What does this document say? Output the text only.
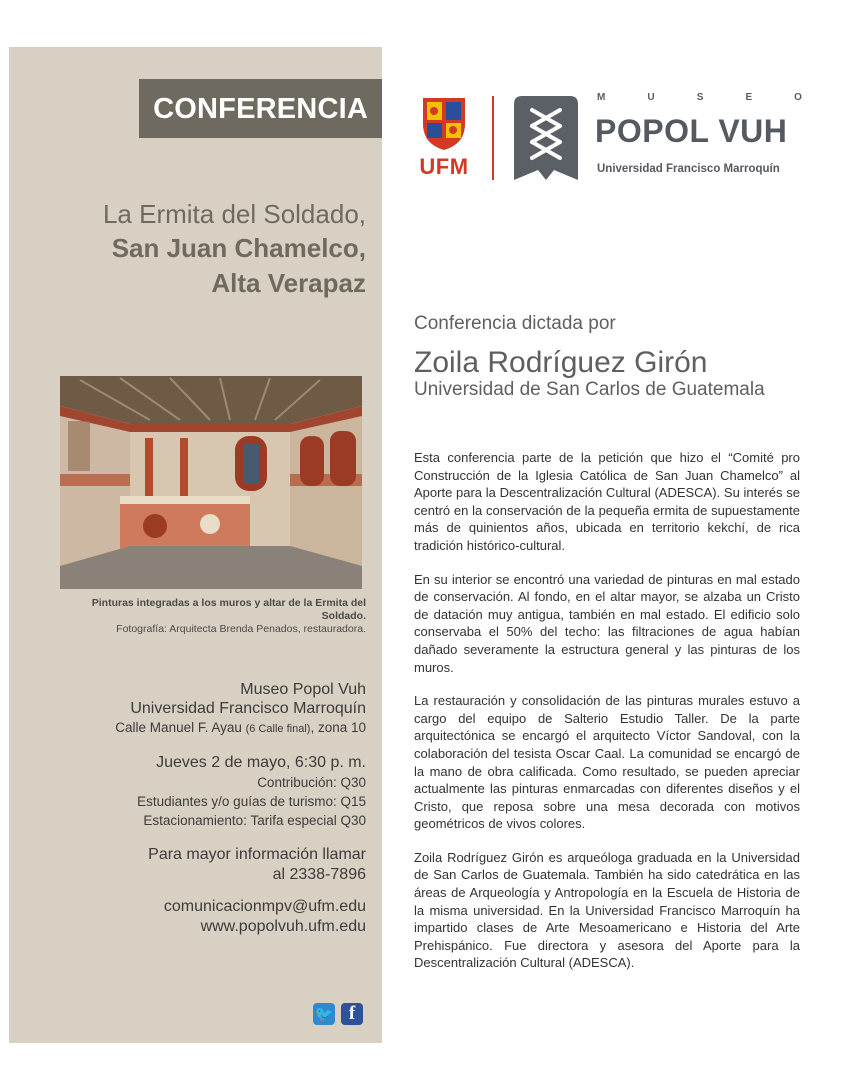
CONFERENCIA
La Ermita del Soldado,
San Juan Chamelco,
Alta Verapaz
Pinturas integradas a los muros y altar de la Ermita del Soldado.
Fotografía: Arquitecta Brenda Penados, restauradora.
Museo Popol Vuh
Universidad Francisco Marroquín
Calle Manuel F. Ayau (6 Calle final), zona 10
Jueves 2 de mayo, 6:30 p. m.
Contribución: Q30
Estudiantes y/o guías de turismo: Q15
Estacionamiento: Tarifa especial Q30
Para mayor información llamar
al 2338-7896
comunicacionmpv@ufm.edu
www.popolvuh.ufm.edu
🐦 f
UFM
M	U	S	E	O
POPOL VUH
Universidad Francisco Marroquín
Conferencia dictada por
Zoila Rodríguez Girón
Universidad de San Carlos de Guatemala

Esta conferencia parte de la petición que hizo el “Comité pro Construcción de la Iglesia Católica de San Juan Chamelco” al Aporte para la Descentralización Cultural (ADESCA). Su interés se centró en la conservación de la pequeña ermita de supuestamente más de quinientos años, ubicada en territorio kekchí, de rica tradición histórico-cultural.

En su interior se encontró una variedad de pinturas en mal estado de conservación. Al fondo, en el altar mayor, se alzaba un Cristo de datación muy antigua, también en mal estado. El edificio solo conservaba el 50% del techo: las filtraciones de agua habían dañado severamente la estructura general y las pinturas de los muros.

La restauración y consolidación de las pinturas murales estuvo a cargo del equipo de Salterio Estudio Taller. De la parte arquitectónica se encargó el arquitecto Víctor Sandoval, con la colaboración del tesista Oscar Caal. La comunidad se encargó de la mano de obra calificada. Como resultado, se pueden apreciar actualmente las pinturas enmarcadas con diferentes diseños y el Cristo, que reposa sobre una mesa decorada con motivos geométricos de vivos colores.

Zoila Rodríguez Girón es arqueóloga graduada en la Universidad de San Carlos de Guatemala. También ha sido catedrática en las áreas de Arqueología y Antropología en la Escuela de Historia de la misma universidad. En la Universidad Francisco Marroquín ha impartido clases de Arte Mesoamericano e Historia del Arte Prehispánico. Fue directora y asesora del Aporte para la Descentralización Cultural (ADESCA).
